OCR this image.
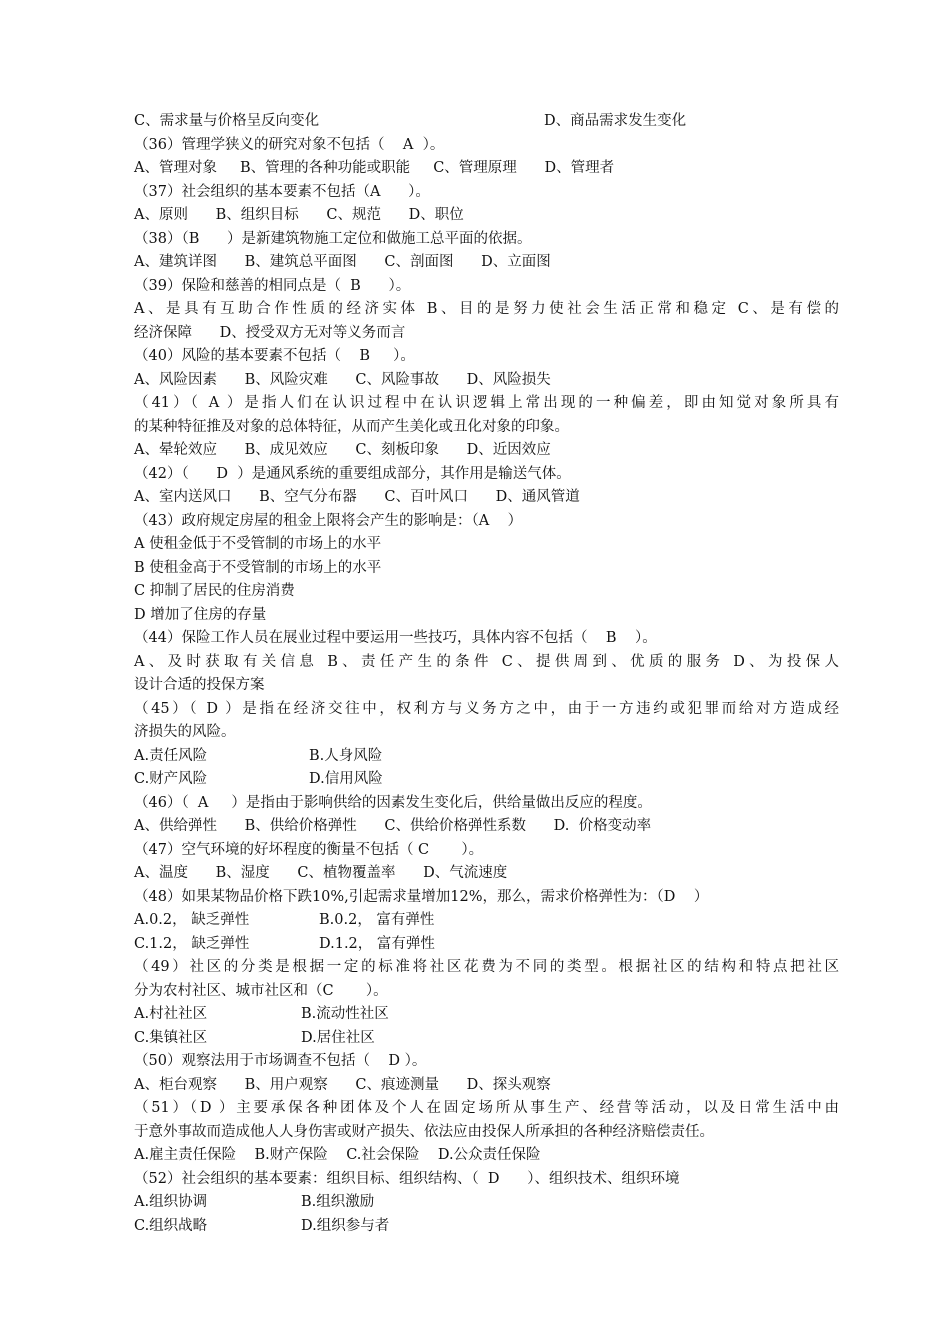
C、需求量与价格呈反向变化	D、商品需求发生变化
（36）管理学狭义的研究对象不包括（    A  ）。
A、管理对象     B、管理的各种功能或职能     C、管理原理      D、管理者
（37）社会组织的基本要素不包括（A      ）。
A、原则      B、组织目标      C、规范      D、职位
（38）（B      ）是新建筑物施工定位和做施工总平面的依据。
A、建筑详图      B、建筑总平面图      C、剖面图      D、立面图
（39）保险和慈善的相同点是（  B      ）。
A、是具有互助合作性质的经济实体 B、目的是努力使社会生活正常和稳定 C、是有偿的
经济保障      D、授受双方无对等义务而言
（40）风险的基本要素不包括（    B     ）。
A、风险因素      B、风险灾难      C、风险事故      D、风险损失
（41）（ A ）是指人们在认识过程中在认识逻辑上常出现的一种偏差，即由知觉对象所具有
的某种特征推及对象的总体特征，从而产生美化或丑化对象的印象。
A、晕轮效应      B、成见效应      C、刻板印象      D、近因效应
（42）（      D  ）是通风系统的重要组成部分，其作用是输送气体。
A、室内送风口      B、空气分布器      C、百叶风口      D、通风管道
（43）政府规定房屋的租金上限将会产生的影响是：（A    ）
A 使租金低于不受管制的市场上的水平
B 使租金高于不受管制的市场上的水平
C 抑制了居民的住房消费
D 增加了住房的存量
（44）保险工作人员在展业过程中要运用一些技巧，具体内容不包括（    B    ）。
A、及时获取有关信息 B、责任产生的条件 C、提供周到、优质的服务 D、为投保人
设计合适的投保方案
（45）（ D ）是指在经济交往中，权利方与义务方之中，由于一方违约或犯罪而给对方造成经
济损失的风险。
A.责任风险	B.人身风险
C.财产风险	D.信用风险
（46）（  A     ）是指由于影响供给的因素发生变化后，供给量做出反应的程度。
A、供给弹性      B、供给价格弹性      C、供给价格弹性系数      D.  价格变动率
（47）空气环境的好坏程度的衡量不包括（ C       ）。
A、温度      B、湿度      C、植物覆盖率      D、气流速度
（48）如果某物品价格下跌10%,引起需求量增加12%，那么，需求价格弹性为：（D    ）
A.0.2， 缺乏弹性	B.0.2， 富有弹性
C.1.2， 缺乏弹性	D.1.2， 富有弹性
（49）社区的分类是根据一定的标准将社区花费为不同的类型。根据社区的结构和特点把社区
分为农村社区、城市社区和（C       ）。
A.村社社区	B.流动性社区
C.集镇社区	D.居住社区
（50）观察法用于市场调查不包括（    D ）。
A、柜台观察      B、用户观察      C、痕迹测量      D、探头观察
（51）（D ）主要承保各种团体及个人在固定场所从事生产、经营等活动，以及日常生活中由
于意外事故而造成他人人身伤害或财产损失、依法应由投保人所承担的各种经济赔偿责任。
A.雇主责任保险    B.财产保险    C.社会保险    D.公众责任保险
（52）社会组织的基本要素：组织目标、组织结构、（  D      ）、组织技术、组织环境
A.组织协调	B.组织激励
C.组织战略	D.组织参与者
